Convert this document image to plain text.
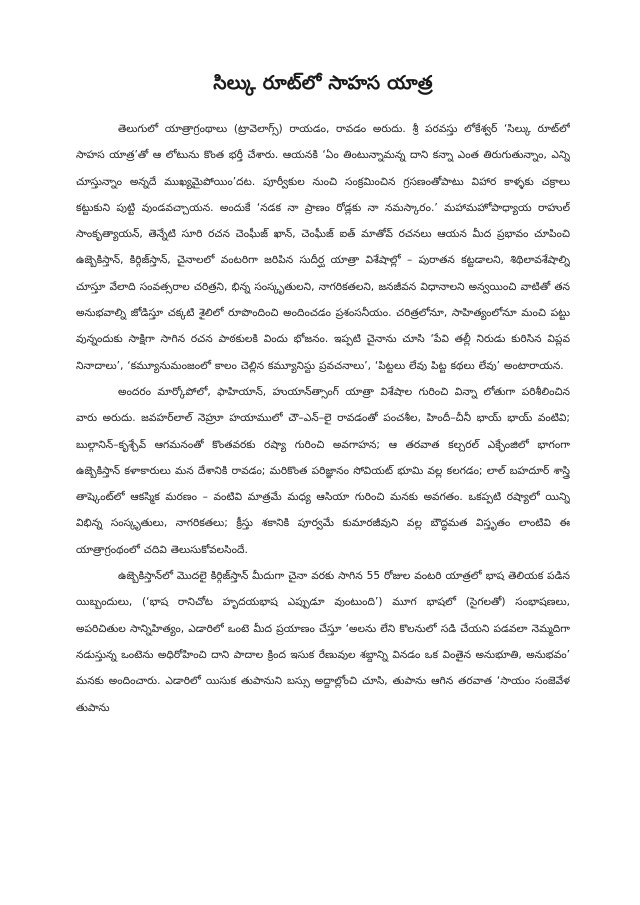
సిల్కు రూట్‌లో సాహస యాత్ర

తెలుగులో యాత్రాగ్రంథాలు (ట్రావెలాగ్స్) రాయడం, రావడం అరుదు. శ్రీ పరవస్తు లోకేశ్వర్ ‘సిల్కు రూట్‌లో సాహస యాత్ర’తో ఆ లోటును కొంత భర్తీ చేశారు. ఆయనకి ‘ఏం తింటున్నామన్న దాని కన్నా ఎంత తిరుగుతున్నాం, ఎన్ని చూస్తున్నాం అన్నదే ముఖ్యమైపోయిం’దట. పూర్వీకుల నుంచి సంక్రమించిన గ్రసణంతోపాటు విహార కాళ్ళకు చక్రాలు కట్టుకుని పుట్టి వుండవచ్చాయన. అందుకే ‘నడక నా ప్రాణం రోడ్లకు నా నమస్కారం.’ మహామహోపాధ్యాయ రాహుల్ సాంకృత్యాయన్, తెన్నేటి సూరి రచన చెంఘీజ్ ఖాన్, చెంఘీజ్ ఐత్ మాతోవ్ రచనలు ఆయన మీద ప్రభావం చూపించి ఉజ్బెకిస్తాన్, కిర్గిజ్‌స్తాన్, చైనాలలో వంటరిగా జరిపిన సుదీర్ఘ యాత్రా విశేషాల్లో – పురాతన కట్టడాలని, శిథిలావశేషాల్ని చూస్తూ వేలాది సంవత్సరాల చరిత్రని, భిన్న సంస్కృతులని, నాగరికతలని, జనజీవన విధానాలని అన్వయించి వాటితో తన అనుభవాల్ని జోడిస్తూ చక్కటి శైలిలో రూపొందించి అందించడం ప్రశంసనీయం. చరిత్రలోనూ, సాహిత్యంలోనూ మంచి పట్టు వున్నందుకు సాక్షిగా సాగిన రచన పాఠకులకి విందు భోజనం. ఇప్పటి చైనాను చూసి ‘పేవి తల్లీ నిరుడు కురిసిన విప్లవ నినాదాలు’, ‘కమ్యూనుమంజంలో కాలం చెల్లిన కమ్యూనిస్టు ప్రవచనాలు’, ‘పిట్టలు లేవు పిట్ట కథలు లేవు’ అంటారాయన.

అందరం మార్కోపోలో, ఫాహియాన్, హుయాన్‌త్సాంగ్ యాత్రా విశేషాల గురించి విన్నా లోతుగా పరిశీలించిన వారు అరుదు. జవహర్‌లాల్ నెహ్రూ హయాములో చౌ–ఎన్–లై రావడంతో పంచశీల, హిందీ–చీనీ భాయ్ భాయ్ వంటివి; బుల్గానిన్–కృశ్చేవ్ ఆగమనంతో కొంతవరకు రష్యా గురించి అవగాహన; ఆ తరవాత కల్చరల్ ఎక్ఛేంజిలో భాగంగా ఉజ్బెకిస్తాన్ కళాకారులు మన దేశానికి రావడం; మరికొంత పరిజ్ఞానం సోవియట్ భూమి వల్ల కలగడం; లాల్ బహదూర్ శాస్త్రి తాష్కెంట్‌లో ఆకస్మిక మరణం – వంటివి మాత్రమే మధ్య ఆసియా గురించి మనకు అవగతం. ఒకప్పటి రష్యాలో యిన్ని విభిన్న సంస్కృతులు, నాగరికతలు; క్రీస్తు శకానికి పూర్వమే కుమారజీవుని వల్ల బౌద్ధమత విస్తృతం లాంటివి ఈ యాత్రాగ్రంథంలో చదివి తెలుసుకోవలసిందే.

ఉజ్బెకిస్తాన్‌లో మొదలై కిర్గిజ్‌స్తాన్ మీదుగా చైనా వరకు సాగిన 55 రోజుల వంటరి యాత్రలో భాష తెలియక పడిన యిబ్బందులు, (‘భాష రానిచోట హృదయభాష ఎప్పుడూ వుంటుంది’) మూగ భాషలో (సైగలతో) సంభాషణలు, అపరిచితుల సాన్నిహిత్యం, ఎడారిలో ఒంటె మీద ప్రయాణం చేస్తూ ‘అలను లేని కొలనులో సడి చేయని పడవలా నెమ్మదిగా నడుస్తున్న ఒంటెను అధిరోహించి దాని పాదాల క్రింద ఇసుక రేణువుల శబ్దాన్ని వినడం ఒక వింతైన అనుభూతి, అనుభవం’ మనకు అందించారు. ఎడారిలో యిసుక తుపానుని బస్సు అద్దాల్లోంచి చూసి, తుపాను ఆగిన తరవాత ‘సాయం సంజెవేళ తుపాను
